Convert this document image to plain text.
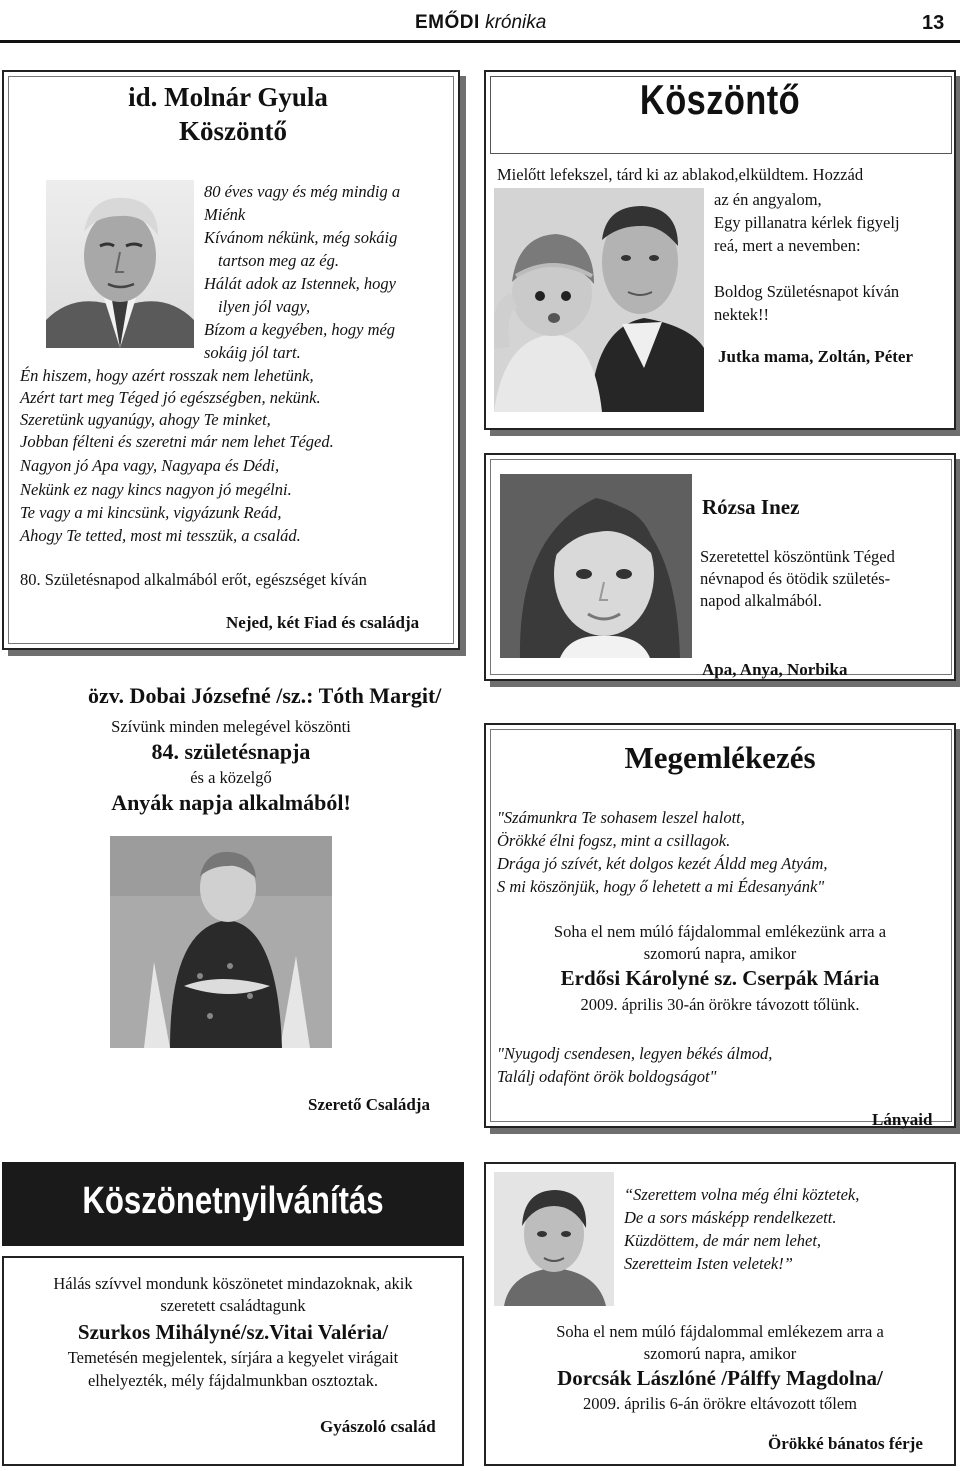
EMŐDI krónika	13
id. Molnár Gyula
Köszöntő
80 éves vagy és még mindig a
Miénk
Kívánom nékünk, még sokáig
tartson meg az ég.
Hálát adok az Istennek, hogy
ilyen jól vagy,
Bízom a kegyében, hogy még
sokáig jól tart.
Én hiszem, hogy azért rosszak nem lehetünk,
Azért tart meg Téged jó egészségben, nekünk.
Szeretünk ugyanúgy, ahogy Te minket,
Jobban félteni és szeretni már nem lehet Téged.
Nagyon jó Apa vagy, Nagyapa és Dédi,
Nekünk ez nagy kincs nagyon jó megélni.
Te vagy a mi kincsünk, vigyázunk Reád,
Ahogy Te tetted, most mi tesszük, a család.
80. Születésnapod alkalmából erőt, egészséget kíván
Nejed, két Fiad és családja
Köszöntő
Mielőtt lefekszel, tárd ki az ablakod,elküldtem. Hozzád
az én angyalom,
Egy pillanatra kérlek figyelj
reá, mert a nevemben:
Boldog Születésnapot kíván
nektek!!
Jutka mama, Zoltán, Péter
Rózsa Inez
Szeretettel köszöntünk Téged
névnapod és ötödik születés-
napod alkalmából.
Apa, Anya, Norbika
özv. Dobai Józsefné /sz.: Tóth Margit/
Szívünk minden melegével köszönti
84. születésnapja
és a közelgő
Anyák napja alkalmából!
Szerető Családja
Megemlékezés
"Számunkra Te sohasem leszel halott,
Örökké élni fogsz, mint a csillagok.
Drága jó szívét, két dolgos kezét Áldd meg Atyám,
S mi köszönjük, hogy ő lehetett a mi Édesanyánk"
Soha el nem múló fájdalommal emlékezünk arra a
szomorú napra, amikor
Erdősi Károlyné sz. Cserpák Mária
2009. április 30-án örökre távozott tőlünk.
"Nyugodj csendesen, legyen békés álmod,
Találj odafönt örök boldogságot"
Lányaid
Köszönetnyilvánítás
Hálás szívvel mondunk köszönetet mindazoknak, akik
szeretett családtagunk
Szurkos Mihályné/sz.Vitai Valéria/
Temetésén megjelentek, sírjára a kegyelet virágait
elhelyezték, mély fájdalmunkban osztoztak.
Gyászoló család
“Szerettem volna még élni köztetek,
De a sors másképp rendelkezett.
Küzdöttem, de már nem lehet,
Szeretteim Isten veletek!”
Soha el nem múló fájdalommal emlékezem arra a
szomorú napra, amikor
Dorcsák Lászlóné /Pálffy Magdolna/
2009. április 6-án örökre eltávozott tőlem
Örökké bánatos férje
